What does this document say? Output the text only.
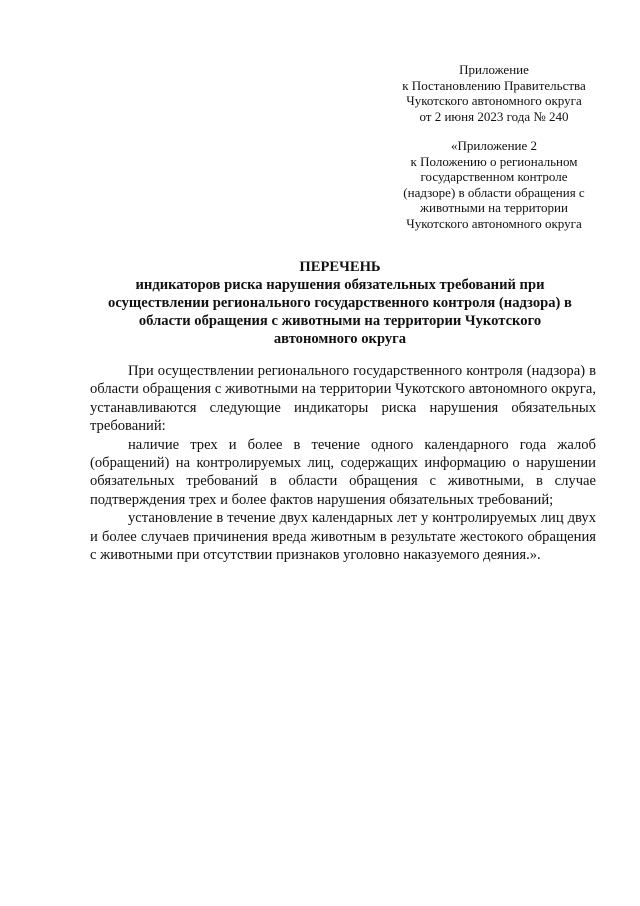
Приложение
к Постановлению Правительства
Чукотского автономного округа
от 2 июня 2023 года № 240
«Приложение 2
к Положению о региональном
государственном контроле
(надзоре) в области обращения с
животными на территории
Чукотского автономного округа
ПЕРЕЧЕНЬ
индикаторов риска нарушения обязательных требований при
осуществлении регионального государственного контроля (надзора) в
области обращения с животными на территории Чукотского
автономного округа

При осуществлении регионального государственного контроля (надзора) в области обращения с животными на территории Чукотского автономного округа, устанавливаются следующие индикаторы риска нарушения обязательных требований:

наличие трех и более в течение одного календарного года жалоб (обращений) на контролируемых лиц, содержащих информацию о нарушении обязательных требований в области обращения с животными, в случае подтверждения трех и более фактов нарушения обязательных требований;

установление в течение двух календарных лет у контролируемых лиц двух и более случаев причинения вреда животным в результате жестокого обращения с животными при отсутствии признаков уголовно наказуемого деяния.».
